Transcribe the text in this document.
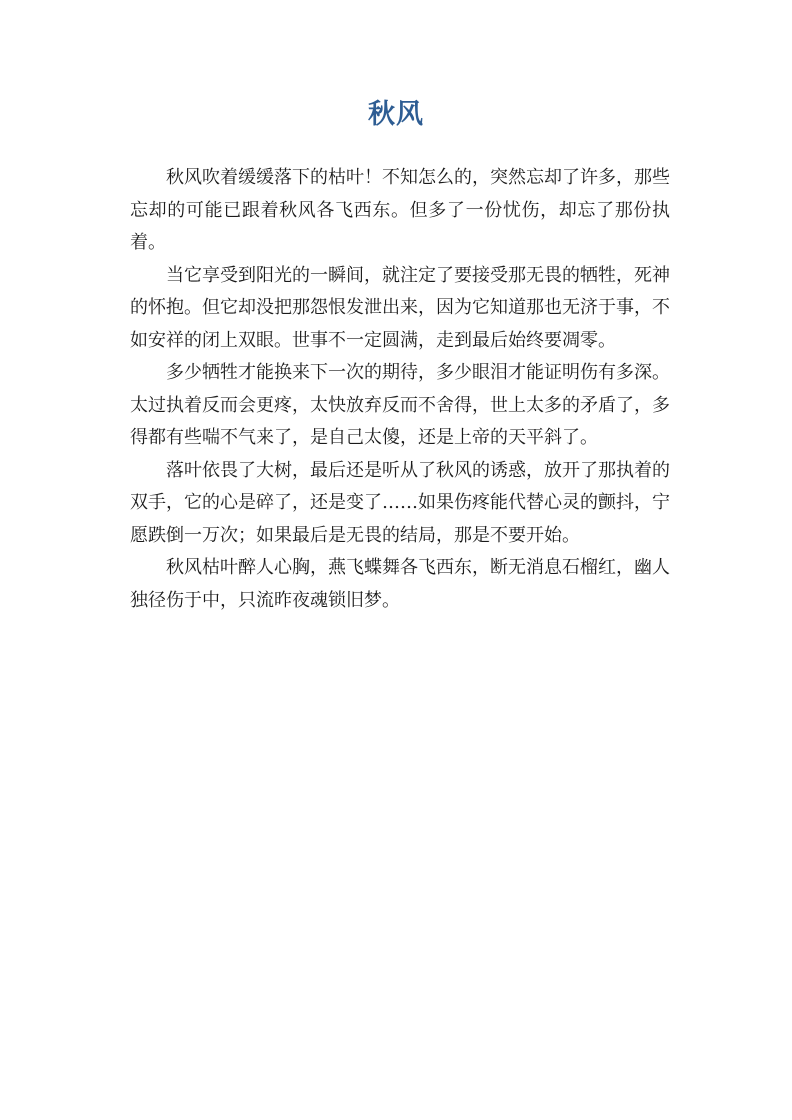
秋风

秋风吹着缓缓落下的枯叶！不知怎么的，突然忘却了许多，那些忘却的可能已跟着秋风各飞西东。但多了一份忧伤，却忘了那份执着。

当它享受到阳光的一瞬间，就注定了要接受那无畏的牺牲，死神的怀抱。但它却没把那怨恨发泄出来，因为它知道那也无济于事，不如安祥的闭上双眼。世事不一定圆满，走到最后始终要凋零。

多少牺牲才能换来下一次的期待，多少眼泪才能证明伤有多深。太过执着反而会更疼，太快放弃反而不舍得，世上太多的矛盾了，多得都有些喘不气来了，是自己太傻，还是上帝的天平斜了。

落叶依畏了大树，最后还是听从了秋风的诱惑，放开了那执着的双手，它的心是碎了，还是变了……如果伤疼能代替心灵的颤抖，宁愿跌倒一万次；如果最后是无畏的结局，那是不要开始。

秋风枯叶醉人心胸，燕飞蝶舞各飞西东，断无消息石榴红，幽人独径伤于中，只流昨夜魂锁旧梦。
